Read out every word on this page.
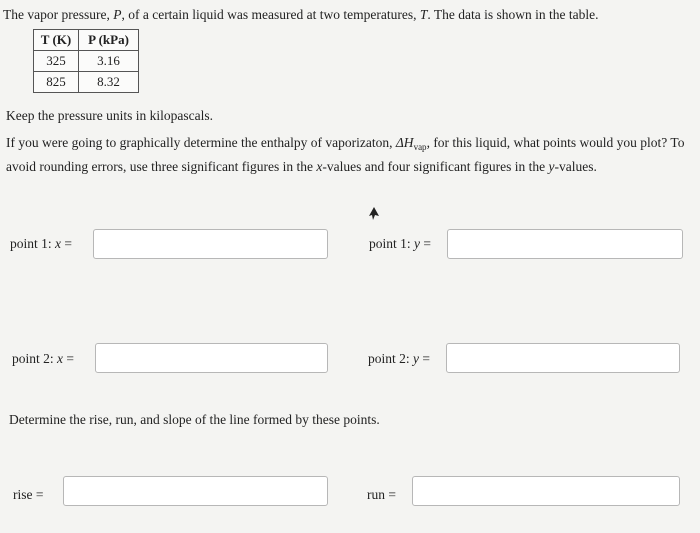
The vapor pressure, P, of a certain liquid was measured at two temperatures, T. The data is shown in the table.
T (K)	P (kPa)
325	3.16
825	8.32
Keep the pressure units in kilopascals.
If you were going to graphically determine the enthalpy of vaporizaton, $\Delta H_{vap}$, for this liquid, what points would you plot? To avoid rounding errors, use three significant figures in the x-values and four significant figures in the y-values.
point 1: x =	point 1: y =
point 2: x =	point 2: y =
Determine the rise, run, and slope of the line formed by these points.
rise =	run =
